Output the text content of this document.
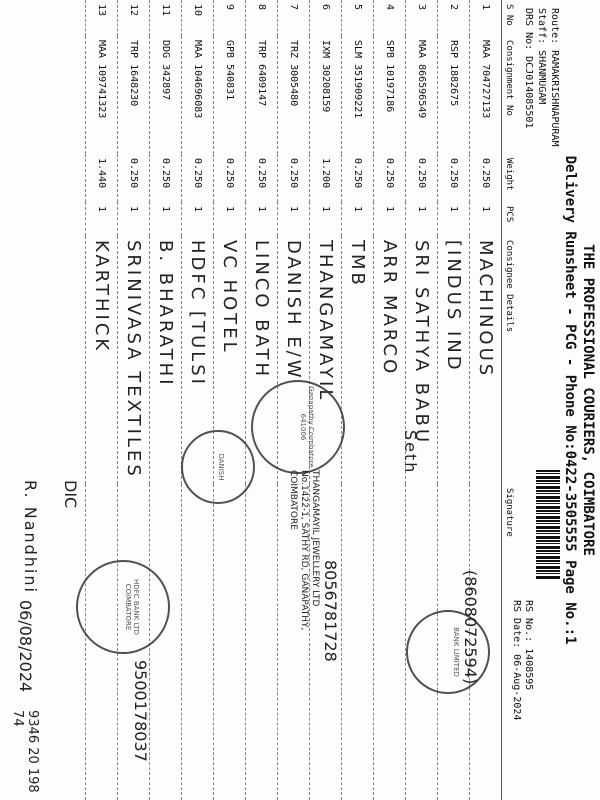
THE PROFESSIONAL COURIERS, COIMBATORE
Delivery Runsheet - PCG - Phone No:0422-3505555 Page No.:1
Route: RAMAKRISHNAPURAM
Staff: SHANMUGAM
DRS No: DCJ014085501
RS No.: 1408595
RS Date: 06-Aug-2024
S No	Consignment No	Weight	PCS	Consignee Details	Signature
1	MAA 704727133	0.250	1	MACHINOUS	
2	RSP 1882675	0.250	1	[INDUS IND	
3	MAA 866596549	0.250	1	SRI SATHYA BABU	
4	SPB 10197186	0.250	1	ARR MARCO	
5	SLM 351909221	0.250	1	TMB	
6	IXM 30208159	1.200	1	THANGAMAYIL	
7	TRZ 3005480	0.250	1	DANISH E/W	
8	TRP 6409147	0.250	1	LINCO BATH	
9	GPB 540831	0.250	1	VC HOTEL	
10	MAA 104696083	0.250	1	HDFC [TULSI	
11	DDG 342897	0.250	1	B. BHARATHI	
12	TRP 1648230	0.250	1	SRINIVASA TEXTILES	
13	MAA 109741323	1.440	1	KARTHICK	
BANK LIMITED
Ganapathy Coimbatore 641006
THANGAMAYIL JEWELLERY LTD No.1422-1, SATHY RD, GANAPATHY, COIMBATORE
DANISH
HDFC BANK LTD COIMBATORE	(8608072594)
Seth
8056781728
9500178037
DIC
R. Nandhini
06/08/2024
9346 20 198 74
